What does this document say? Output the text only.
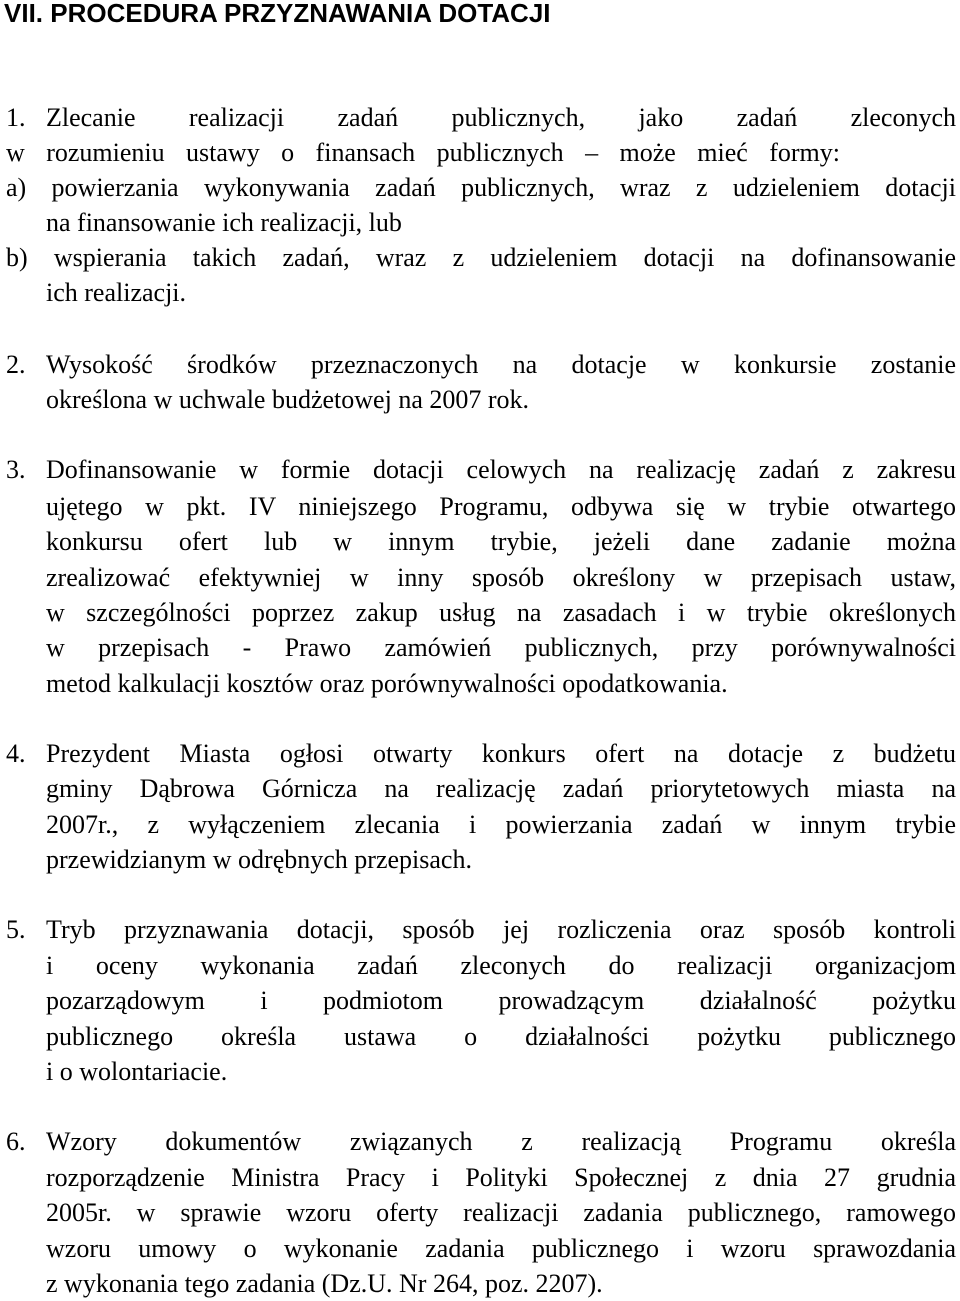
VII. PROCEDURA PRZYZNAWANIA DOTACJI
1. Zlecanie realizacji zadań publicznych, jako zadań zleconych
w rozumieniu ustawy o finansach publicznych – może mieć formy:
a) powierzania wykonywania zadań publicznych, wraz z udzieleniem dotacji
na finansowanie ich realizacji, lub
b) wspierania takich zadań, wraz z udzieleniem dotacji na dofinansowanie
ich realizacji.
2. Wysokość środków przeznaczonych na dotacje w konkursie zostanie
określona w uchwale budżetowej na 2007 rok.
3. Dofinansowanie w formie dotacji celowych na realizację zadań z zakresu
ujętego w pkt. IV niniejszego Programu, odbywa się w trybie otwartego
konkursu ofert lub w innym trybie, jeżeli dane zadanie można
zrealizować efektywniej w inny sposób określony w przepisach ustaw,
w szczególności poprzez zakup usług na zasadach i w trybie określonych
w przepisach - Prawo zamówień publicznych, przy porównywalności
metod kalkulacji kosztów oraz porównywalności opodatkowania.
4. Prezydent Miasta ogłosi otwarty konkurs ofert na dotacje z budżetu
gminy Dąbrowa Górnicza na realizację zadań priorytetowych miasta na
2007r., z wyłączeniem zlecania i powierzania zadań w innym trybie
przewidzianym w odrębnych przepisach.
5. Tryb przyznawania dotacji, sposób jej rozliczenia oraz sposób kontroli
i oceny wykonania zadań zleconych do realizacji organizacjom
pozarządowym i podmiotom prowadzącym działalność pożytku
publicznego określa ustawa o działalności pożytku publicznego
i o wolontariacie.
6. Wzory dokumentów związanych z realizacją Programu określa
rozporządzenie Ministra Pracy i Polityki Społecznej z dnia 27 grudnia
2005r. w sprawie wzoru oferty realizacji zadania publicznego, ramowego
wzoru umowy o wykonanie zadania publicznego i wzoru sprawozdania
z wykonania tego zadania (Dz.U. Nr 264, poz. 2207).
